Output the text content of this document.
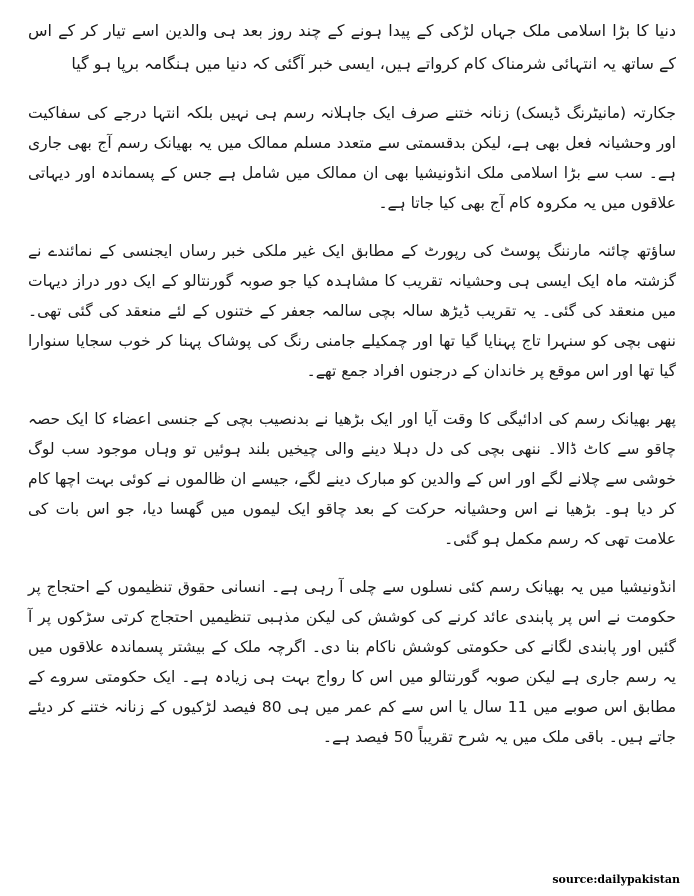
دنیا کا بڑا اسلامی ملک جہاں لڑکی کے پیدا ہونے کے چند روز بعد ہی والدین اسے تیار کر کے اس کے ساتھ یہ انتہائی شرمناک کام کرواتے ہیں، ایسی خبر آگئی کہ دنیا میں ہنگامہ برپا ہو گیا

جکارتہ (مانیٹرنگ ڈیسک) زنانہ ختنے صرف ایک جاہلانہ رسم ہی نہیں بلکہ انتہا درجے کی سفاکیت اور وحشیانہ فعل بھی ہے، لیکن بدقسمتی سے متعدد مسلم ممالک میں یہ بھیانک رسم آج بھی جاری ہے۔ سب سے بڑا اسلامی ملک انڈونیشیا بھی ان ممالک میں شامل ہے جس کے پسماندہ اور دیہاتی علاقوں میں یہ مکروہ کام آج بھی کیا جاتا ہے۔

ساﺅتھ چائنہ مارننگ پوسٹ کی رپورٹ کے مطابق ایک غیر ملکی خبر رساں ایجنسی کے نمائندے نے گزشتہ ماہ ایک ایسی ہی وحشیانہ تقریب کا مشاہدہ کیا جو صوبہ گورنتالو کے ایک دور دراز دیہات میں منعقد کی گئی۔ یہ تقریب ڈیڑھ سالہ بچی سالمہ جعفر کے ختنوں کے لئے منعقد کی گئی تھی۔ ننھی بچی کو سنہرا تاج پہنایا گیا تھا اور چمکیلے جامنی رنگ کی پوشاک پہنا کر خوب سجایا سنوارا گیا تھا اور اس موقع پر خاندان کے درجنوں افراد جمع تھے۔

پھر بھیانک رسم کی ادائیگی کا وقت آیا اور ایک بڑھیا نے بدنصیب بچی کے جنسی اعضاء کا ایک حصہ چاقو سے کاٹ ڈالا۔ ننھی بچی کی دل دہلا دینے والی چیخیں بلند ہوئیں تو وہاں موجود سب لوگ خوشی سے چلانے لگے اور اس کے والدین کو مبارک دینے لگے، جیسے ان ظالموں نے کوئی بہت اچھا کام کر دیا ہو۔ بڑھیا نے اس وحشیانہ حرکت کے بعد چاقو ایک لیموں میں گھسا دیا، جو اس بات کی علامت تھی کہ رسم مکمل ہو گئی۔

انڈونیشیا میں یہ بھیانک رسم کئی نسلوں سے چلی آ رہی ہے۔ انسانی حقوق تنظیموں کے احتجاج پر حکومت نے اس پر پابندی عائد کرنے کی کوشش کی لیکن مذہبی تنظیمیں احتجاج کرتی سڑکوں پر آ گئیں اور پابندی لگانے کی حکومتی کوشش ناکام بنا دی۔ اگرچہ ملک کے بیشتر پسماندہ علاقوں میں یہ رسم جاری ہے لیکن صوبہ گورنتالو میں اس کا رواج بہت ہی زیادہ ہے۔ ایک حکومتی سروے کے مطابق اس صوبے میں 11 سال یا اس سے کم عمر میں ہی 80 فیصد لڑکیوں کے زنانہ ختنے کر دیئے جاتے ہیں۔ باقی ملک میں یہ شرح تقریباً 50 فیصد ہے۔

source:dailypakistan
